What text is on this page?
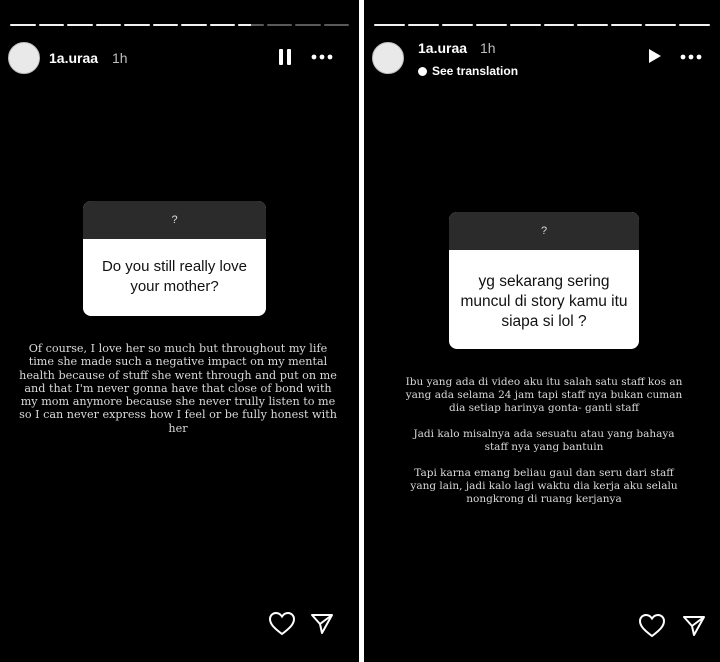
1a.uraa 1h
?
Do you still really love your mother?
Of course, I love her so much but throughout my life time she made such a negative impact on my mental health because of stuff she went through and put on me and that I'm never gonna have that close of bond with my mom anymore because she never trully listen to me so I can never express how I feel or be fully honest with her
1a.uraa 1h
See translation
?
yg sekarang sering muncul di story kamu itu siapa si lol ?
Ibu yang ada di video aku itu salah satu staff kos an yang ada selama 24 jam tapi staff nya bukan cuman dia setiap harinya gonta- ganti staff
Jadi kalo misalnya ada sesuatu atau yang bahaya staff nya yang bantuin
Tapi karna emang beliau gaul dan seru dari staff yang lain, jadi kalo lagi waktu dia kerja aku selalu nongkrong di ruang kerjanya
